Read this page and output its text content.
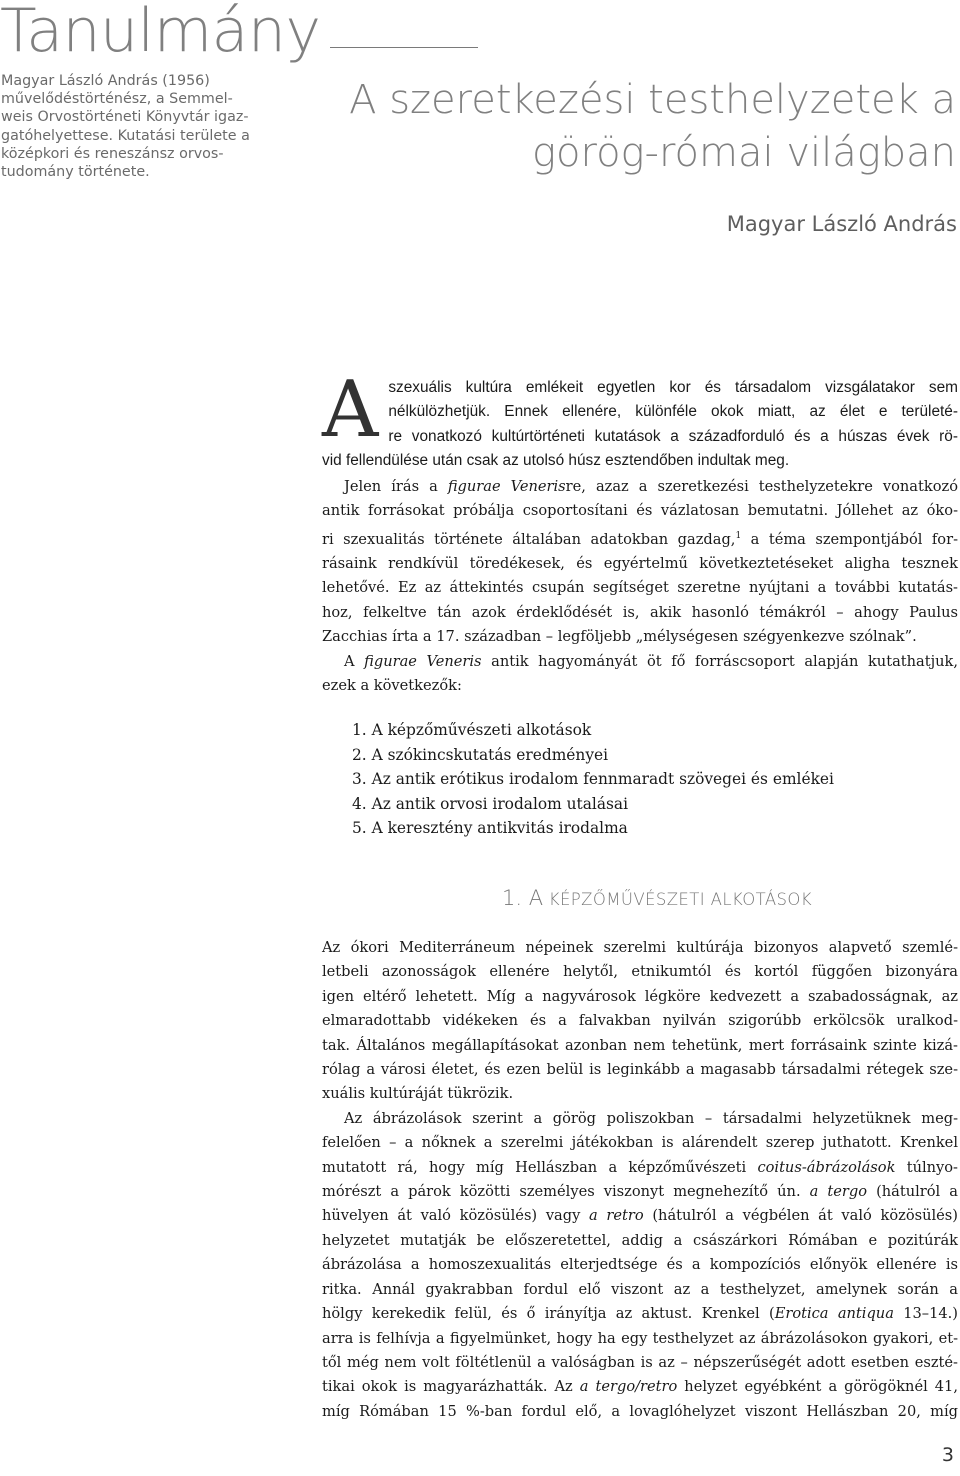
Tanulmány
Magyar László András (1956)
művelődéstörténész, a Semmel-
weis Orvostörténeti Könyvtár igaz-
gatóhelyettese. Kutatási területe a
középkori és reneszánsz orvos-
tudomány története.
A szeretkezési testhelyzetek a
görög-római világban

Magyar László András

A szexuális kultúra emlékeit egyetlen kor és társadalom vizsgálatakor sem
nélkülözhetjük. Ennek ellenére, különféle okok miatt, az élet e területé-
re vonatkozó kultúrtörténeti kutatások a századforduló és a húszas évek rö-
vid fellendülése után csak az utolsó húsz esztendőben indultak meg.
Jelen írás a figurae Venerisre, azaz a szeretkezési testhelyzetekre vonatkozó
antik forrásokat próbálja csoportosítani és vázlatosan bemutatni. Jóllehet az óko-
ri szexualitás története általában adatokban gazdag,$^1$ a téma szempontjából for-
rásaink rendkívül töredékesek, és egyértelmű következtetéseket aligha tesznek
lehetővé. Ez az áttekintés csupán segítséget szeretne nyújtani a további kutatás-
hoz, felkeltve tán azok érdeklődését is, akik hasonló témákról – ahogy Paulus
Zacchias írta a 17. században – legföljebb „mélységesen szégyenkezve szólnak”.
A figurae Veneris antik hagyományát öt fő forráscsoport alapján kutathatjuk,
ezek a következők:
1. A képzőművészeti alkotások
2. A szókincskutatás eredményei
3. Az antik erótikus irodalom fennmaradt szövegei és emlékei
4. Az antik orvosi irodalom utalásai
5. A keresztény antikvitás irodalma
1. A KÉPZŐMŰVÉSZETI ALKOTÁSOK
Az ókori Mediterráneum népeinek szerelmi kultúrája bizonyos alapvető szemlé-
letbeli azonosságok ellenére helytől, etnikumtól és kortól függően bizonyára
igen eltérő lehetett. Míg a nagyvárosok légköre kedvezett a szabadosságnak, az
elmaradottabb vidékeken és a falvakban nyilván szigorúbb erkölcsök uralkod-
tak. Általános megállapításokat azonban nem tehetünk, mert forrásaink szinte kizá-
rólag a városi életet, és ezen belül is leginkább a magasabb társadalmi rétegek sze-
xuális kultúráját tükrözik.
Az ábrázolások szerint a görög poliszokban – társadalmi helyzetüknek meg-
felelően – a nőknek a szerelmi játékokban is alárendelt szerep juthatott. Krenkel
mutatott rá, hogy míg Hellászban a képzőművészeti coitus-ábrázolások túlnyo-
mórészt a párok közötti személyes viszonyt megnehezítő ún. a tergo (hátulról a
hüvelyen át való közösülés) vagy a retro (hátulról a végbélen át való közösülés)
helyzetet mutatják be előszeretettel, addig a császárkori Rómában e pozitúrák
ábrázolása a homoszexualitás elterjedtsége és a kompozíciós előnyök ellenére is
ritka. Annál gyakrabban fordul elő viszont az a testhelyzet, amelynek során a
hölgy kerekedik felül, és ő irányítja az aktust. Krenkel (Erotica antiqua 13–14.)
arra is felhívja a figyelmünket, hogy ha egy testhelyzet az ábrázolásokon gyakori, et-
től még nem volt föltétlenül a valóságban is az – népszerűségét adott esetben eszté-
tikai okok is magyarázhatták. Az a tergo/retro helyzet egyébként a görögöknél 41,
míg Rómában 15 %-ban fordul elő, a lovaglóhelyzet viszont Hellászban 20, míg
3
